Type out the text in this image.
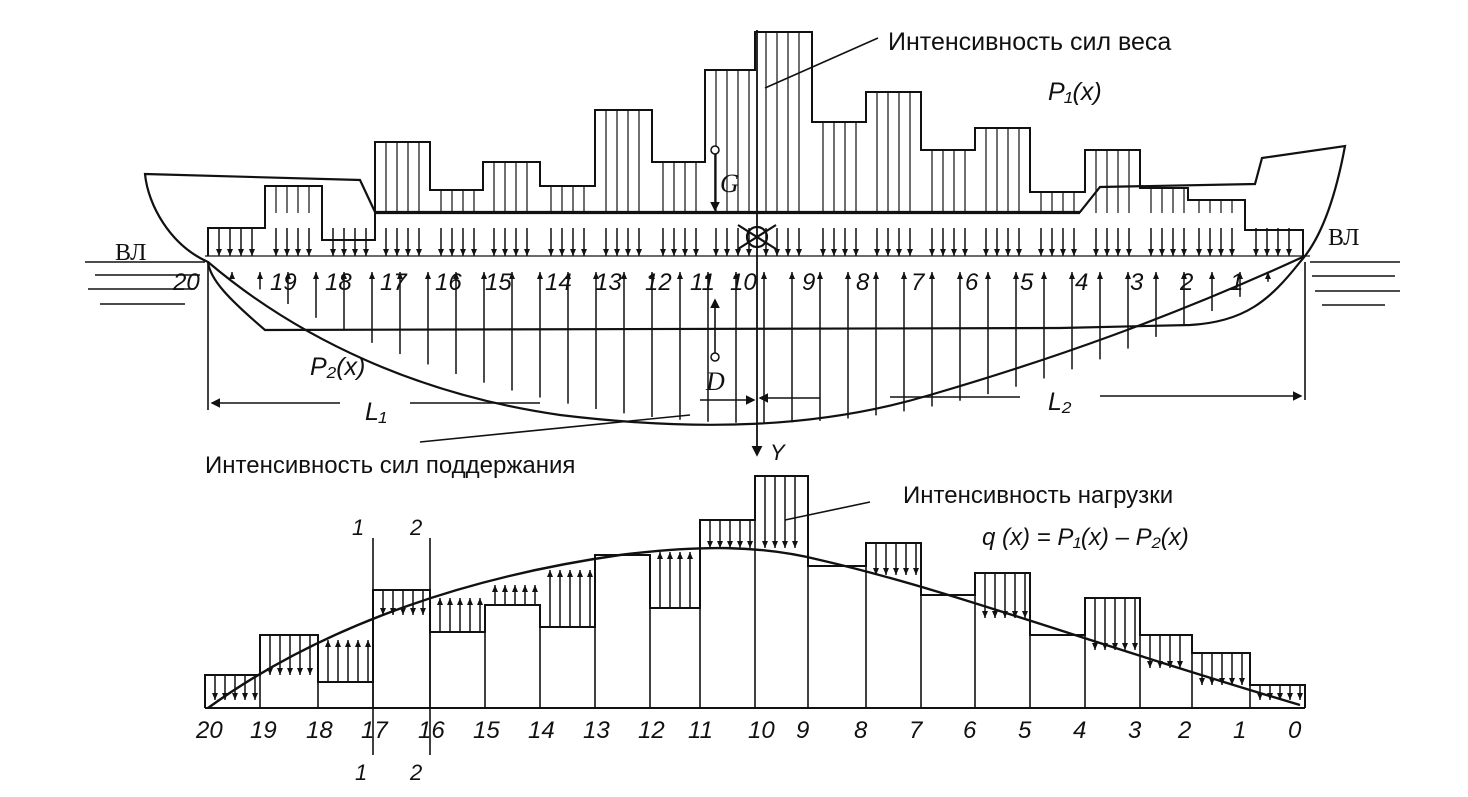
20	19 18 17 16 15 14 13 12 11 10 9 8 7 6 5 4 3 2 1
Интенсивность сил веса
P₁(x)
ВЛ
ВЛ
G
D
Y
P₂(x)
L₁	L₂
Интенсивность сил поддержания
1 2
1 2
20 19 18 17 16 15 14 13 12 11 10 9 8 7 6 5 4 3 2 1 0
Интенсивность нагрузки
q (x) = P₁(x) – P₂(x)
